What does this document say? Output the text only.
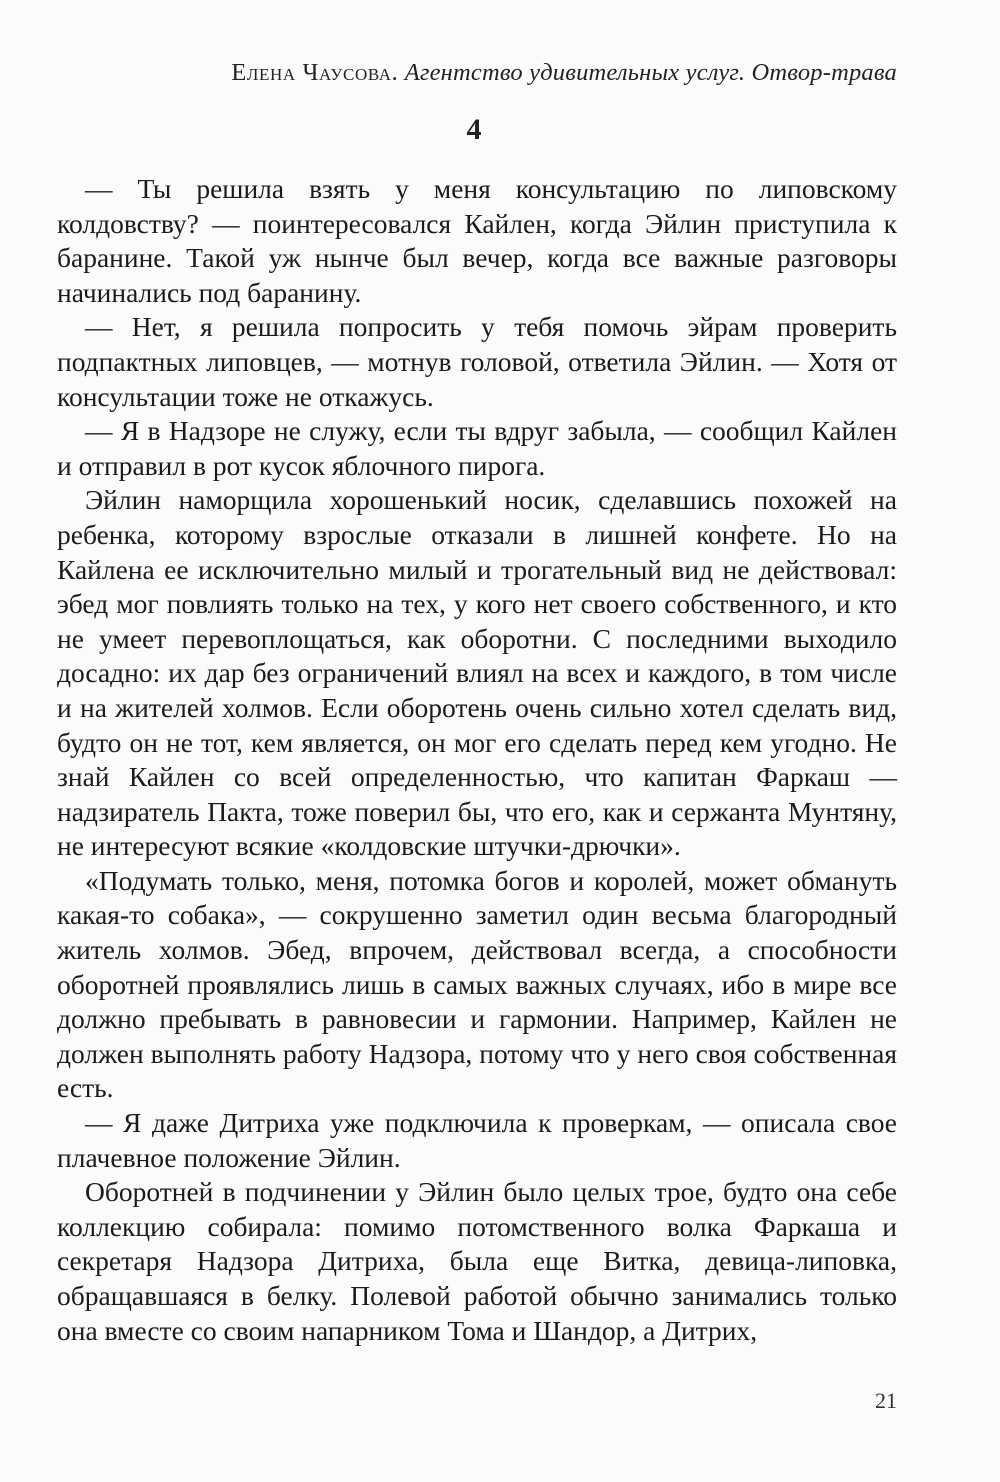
Елена Чаусова. Агентство удивительных услуг. Отвор-трава
4

— Ты решила взять у меня консультацию по липовскому колдовству? — поинтересовался Кайлен, когда Эйлин приступила к баранине. Такой уж нынче был вечер, когда все важные разговоры начинались под баранину.

— Нет, я решила попросить у тебя помочь эйрам проверить подпактных липовцев, — мотнув головой, ответила Эйлин. — Хотя от консультации тоже не откажусь.

— Я в Надзоре не служу, если ты вдруг забыла, — сообщил Кайлен и отправил в рот кусок яблочного пирога.

Эйлин наморщила хорошенький носик, сделавшись похожей на ребенка, которому взрослые отказали в лишней конфете. Но на Кайлена ее исключительно милый и трогательный вид не действовал: эбед мог повлиять только на тех, у кого нет своего собственного, и кто не умеет перевоплощаться, как оборотни. С последними выходило досадно: их дар без ограничений влиял на всех и каждого, в том числе и на жителей холмов. Если оборотень очень сильно хотел сделать вид, будто он не тот, кем является, он мог его сделать перед кем угодно. Не знай Кайлен со всей определенностью, что капитан Фаркаш — надзиратель Пакта, тоже поверил бы, что его, как и сержанта Мунтяну, не интересуют всякие «колдовские штучки-дрючки».

«Подумать только, меня, потомка богов и королей, может обмануть какая-то собака», — сокрушенно заметил один весьма благородный житель холмов. Эбед, впрочем, действовал всегда, а способности оборотней проявлялись лишь в самых важных случаях, ибо в мире все должно пребывать в равновесии и гармонии. Например, Кайлен не должен выполнять работу Надзора, потому что у него своя собственная есть.

— Я даже Дитриха уже подключила к проверкам, — описала свое плачевное положение Эйлин.

Оборотней в подчинении у Эйлин было целых трое, будто она себе коллекцию собирала: помимо потомственного волка Фаркаша и секретаря Надзора Дитриха, была еще Витка, девица-липовка, обращавшаяся в белку. Полевой работой обычно занимались только она вместе со своим напарником Тома и Шандор, а Дитрих,

21
